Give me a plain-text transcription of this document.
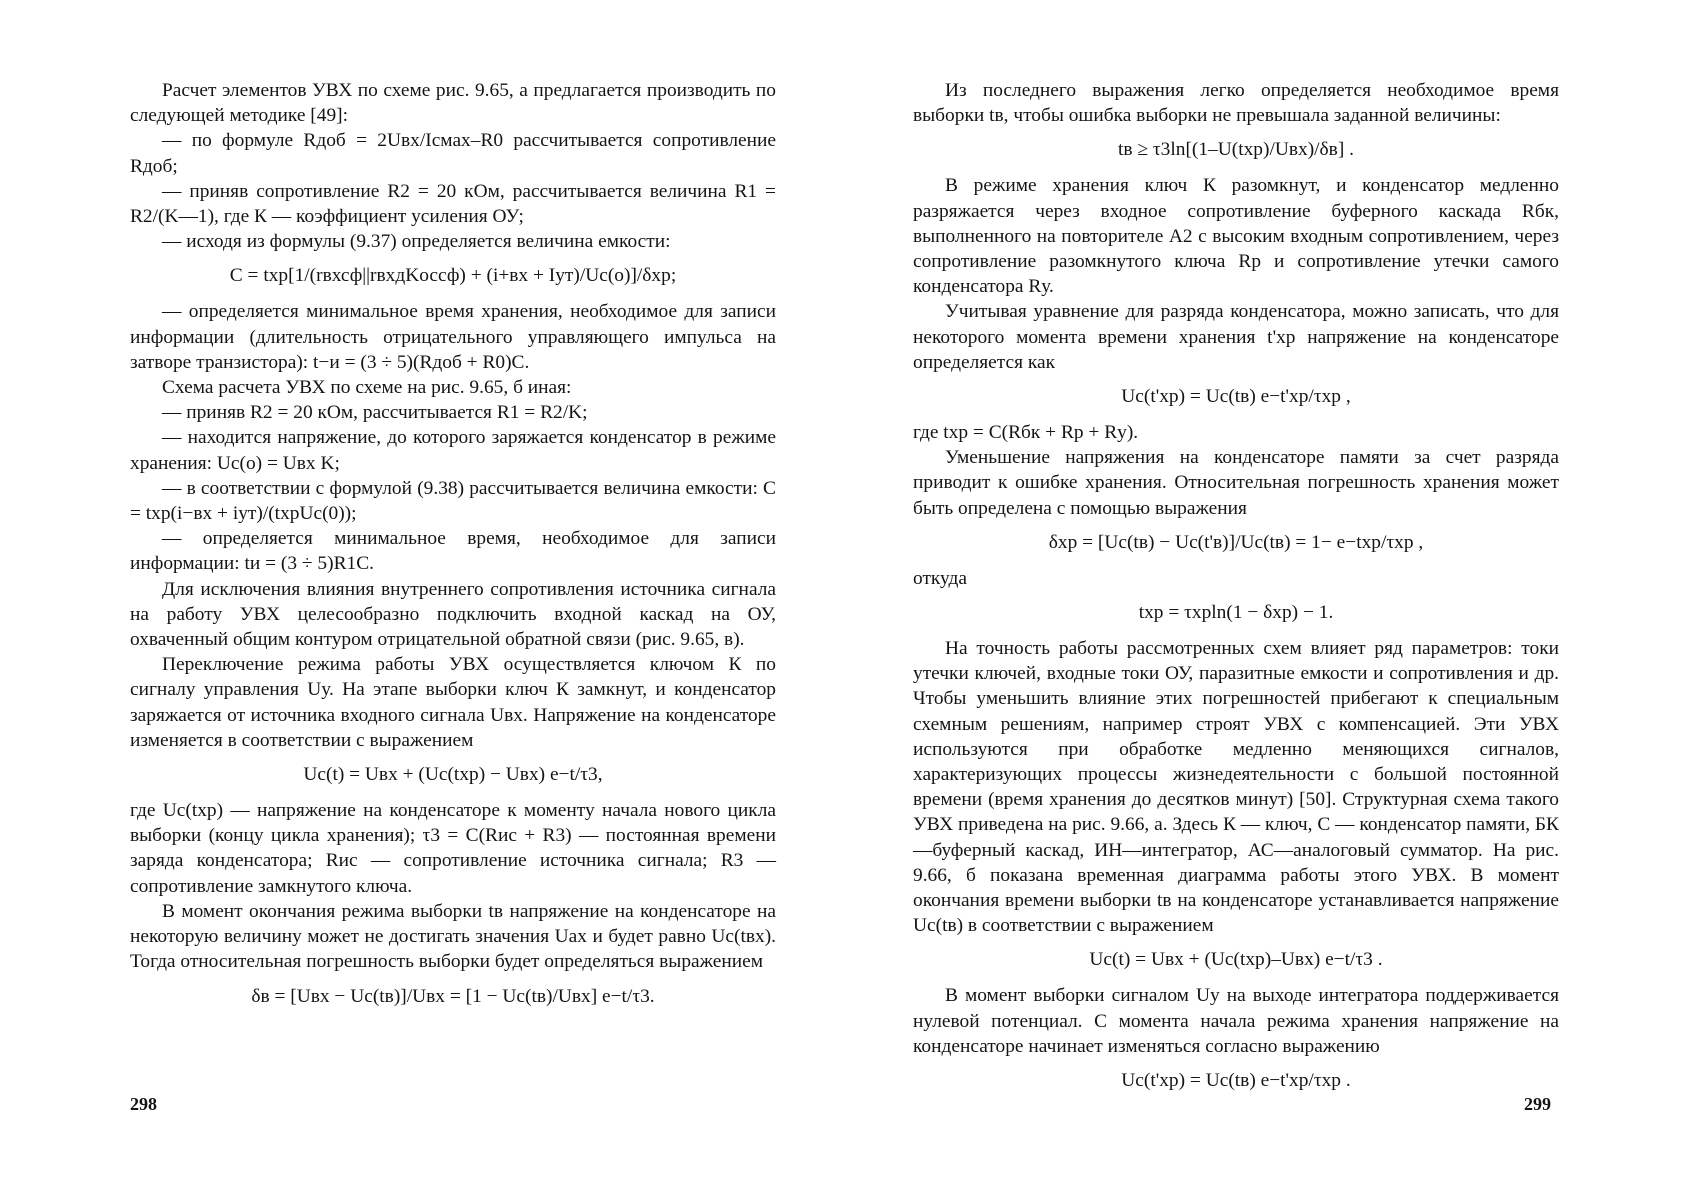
Расчет элементов УВХ по схеме рис. 9.65, а предлагается производить по следующей методике [49]:
— по формуле Rдоб = 2Uвх/Iсмах–R0 рассчитывается сопротивление Rдоб;
— приняв сопротивление R2 = 20 кОм, рассчитывается величина R1 = R2/(K—1), где К — коэффициент усиления ОУ;
— исходя из формулы (9.37) определяется величина емкости:
C = tхр[1/(rвхсф||rвхдKоссф) + (i+вх + Iут)/Uc(o)]/δхр;
— определяется минимальное время хранения, необходимое для записи информации (длительность отрицательного управляющего импульса на затворе транзистора): t−и = (3 ÷ 5)(Rдоб + R0)C.
Схема расчета УВХ по схеме на рис. 9.65, б иная:
— приняв R2 = 20 кОм, рассчитывается R1 = R2/K;
— находится напряжение, до которого заряжается конденсатор в режиме хранения: Uc(o) = Uвх K;
— в соответствии с формулой (9.38) рассчитывается величина емкости: C = tхр(i−вх + iут)/(tхрUc(0));
— определяется минимальное время, необходимое для записи информации: tи = (3 ÷ 5)R1C.
Для исключения влияния внутреннего сопротивления источника сигнала на работу УВХ целесообразно подключить входной каскад на ОУ, охваченный общим контуром отрицательной обратной связи (рис. 9.65, в).
Переключение режима работы УВХ осуществляется ключом К по сигналу управления Uу. На этапе выборки ключ К замкнут, и конденсатор заряжается от источника входного сигнала Uвх. Напряжение на конденсаторе изменяется в соответствии с выражением
Uc(t) = Uвх + (Uc(tхр) − Uвх) e−t/τ3,
где Uc(tхр) — напряжение на конденсаторе к моменту начала нового цикла выборки (концу цикла хранения); τ3 = C(Rис + R3) — постоянная времени заряда конденсатора; Rис — сопротивление источника сигнала; R3 — сопротивление замкнутого ключа.
В момент окончания режима выборки tв напряжение на конденсаторе на некоторую величину может не достигать значения Uах и будет равно Uc(tвх). Тогда относительная погрешность выборки будет определяться выражением
δв = [Uвх − Uc(tв)]/Uвх = [1 − Uc(tв)/Uвх] e−t/τ3.
Из последнего выражения легко определяется необходимое время выборки tв, чтобы ошибка выборки не превышала заданной величины:
tв ≥ τ3ln[(1–U(tхр)/Uвх)/δв] .
В режиме хранения ключ К разомкнут, и конденсатор медленно разряжается через входное сопротивление буферного каскада Rбк, выполненного на повторителе A2 с высоким входным сопротивлением, через сопротивление разомкнутого ключа Rр и сопротивление утечки самого конденсатора Rу.
Учитывая уравнение для разряда конденсатора, можно записать, что для некоторого момента времени хранения t'хр напряжение на конденсаторе определяется как
Uc(t'хр) = Uc(tв) e−t'хр/τхр ,
где tхр = C(Rбк + Rр + Rу).
Уменьшение напряжения на конденсаторе памяти за счет разряда приводит к ошибке хранения. Относительная погрешность хранения может быть определена с помощью выражения
δхр = [Uc(tв) − Uc(t'в)]/Uc(tв) = 1− e−tхр/τхр ,
откуда
tхр = τхрln(1 − δхр) − 1.
На точность работы рассмотренных схем влияет ряд параметров: токи утечки ключей, входные токи ОУ, паразитные емкости и сопротивления и др. Чтобы уменьшить влияние этих погрешностей прибегают к специальным схемным решениям, например строят УВХ с компенсацией. Эти УВХ используются при обработке медленно меняющихся сигналов, характеризующих процессы жизнедеятельности с большой постоянной времени (время хранения до десятков минут) [50]. Структурная схема такого УВХ приведена на рис. 9.66, а. Здесь К — ключ, С — конденсатор памяти, БК—буферный каскад, ИН—интегратор, АС—аналоговый сумматор. На рис. 9.66, б показана временная диаграмма работы этого УВХ. В момент окончания времени выборки tв на конденсаторе устанавливается напряжение Uc(tв) в соответствии с выражением
Uc(t) = Uвх + (Uc(tхр)–Uвх) e−t/τ3 .
В момент выборки сигналом Uу на выходе интегратора поддерживается нулевой потенциал. С момента начала режима хранения напряжение на конденсаторе начинает изменяться согласно выражению
Uc(t'хр) = Uc(tв) e−t'хр/τхр .
298	299
